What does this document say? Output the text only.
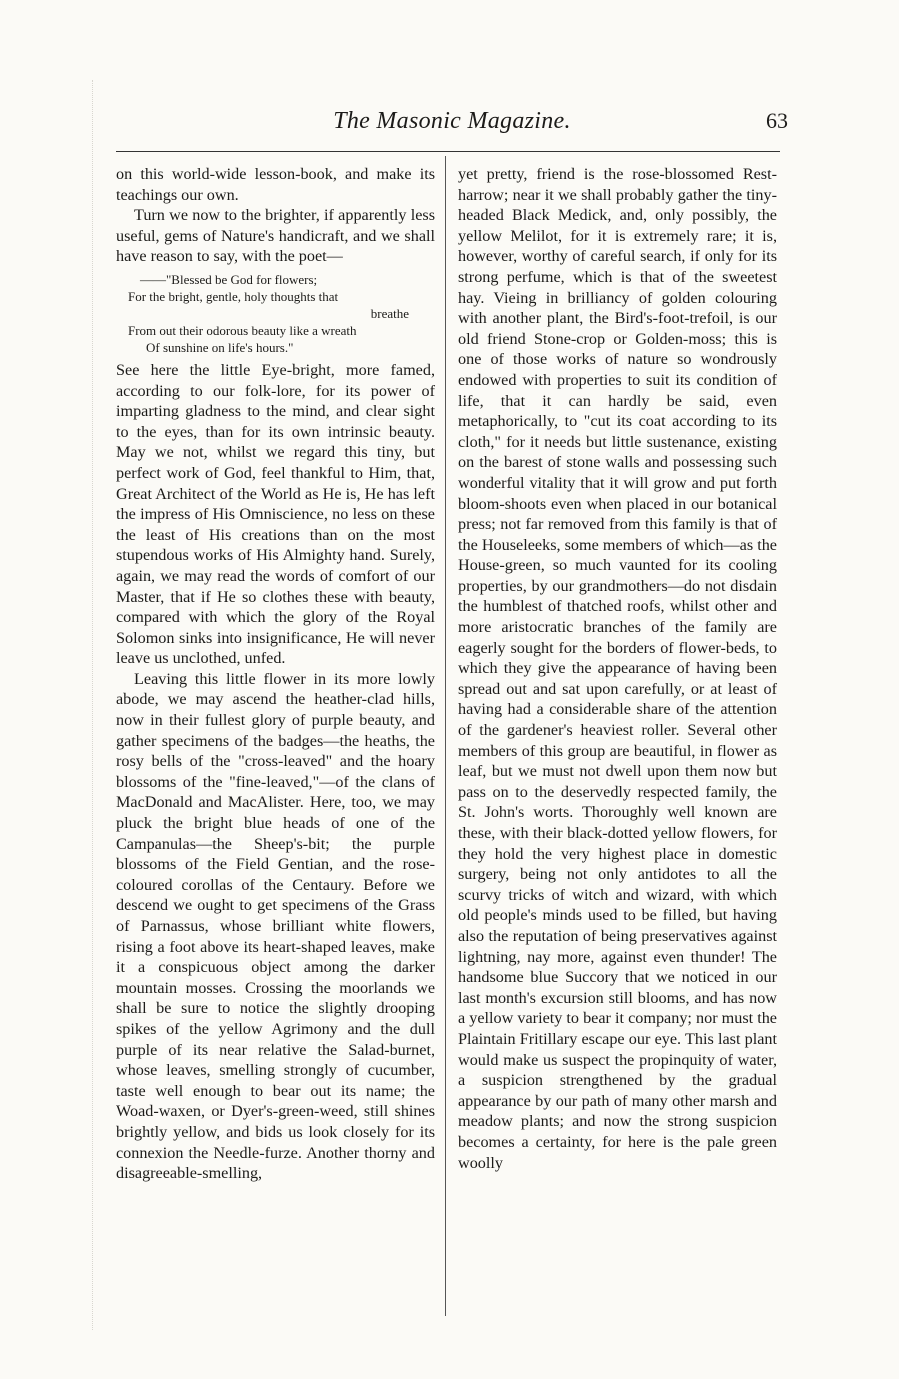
The Masonic Magazine.	63

on this world-wide lesson-book, and make its teachings our own.

Turn we now to the brighter, if apparently less useful, gems of Nature's handicraft, and we shall have reason to say, with the poet—

——"Blessed be God for flowers;
For the bright, gentle, holy thoughts that
breathe
From out their odorous beauty like a wreath
Of sunshine on life's hours."

See here the little Eye-bright, more famed, according to our folk-lore, for its power of imparting gladness to the mind, and clear sight to the eyes, than for its own intrinsic beauty. May we not, whilst we regard this tiny, but perfect work of God, feel thankful to Him, that, Great Architect of the World as He is, He has left the impress of His Omniscience, no less on these the least of His creations than on the most stupendous works of His Almighty hand. Surely, again, we may read the words of comfort of our Master, that if He so clothes these with beauty, compared with which the glory of the Royal Solomon sinks into insignificance, He will never leave us unclothed, unfed.

Leaving this little flower in its more lowly abode, we may ascend the heather-clad hills, now in their fullest glory of purple beauty, and gather specimens of the badges—the heaths, the rosy bells of the "cross-leaved" and the hoary blossoms of the "fine-leaved,"—of the clans of MacDonald and MacAlister. Here, too, we may pluck the bright blue heads of one of the Campanulas—the Sheep's-bit; the purple blossoms of the Field Gentian, and the rose-coloured corollas of the Centaury. Before we descend we ought to get specimens of the Grass of Parnassus, whose brilliant white flowers, rising a foot above its heart-shaped leaves, make it a conspicuous object among the darker mountain mosses. Crossing the moorlands we shall be sure to notice the slightly drooping spikes of the yellow Agrimony and the dull purple of its near relative the Salad-burnet, whose leaves, smelling strongly of cucumber, taste well enough to bear out its name; the Woad-waxen, or Dyer's-green-weed, still shines brightly yellow, and bids us look closely for its connexion the Needle-furze. Another thorny and disagreeable-smelling,

yet pretty, friend is the rose-blossomed Rest-harrow; near it we shall probably gather the tiny-headed Black Medick, and, only possibly, the yellow Melilot, for it is extremely rare; it is, however, worthy of careful search, if only for its strong perfume, which is that of the sweetest hay. Vieing in brilliancy of golden colouring with another plant, the Bird's-foot-trefoil, is our old friend Stone-crop or Golden-moss; this is one of those works of nature so wondrously endowed with properties to suit its condition of life, that it can hardly be said, even metaphorically, to "cut its coat according to its cloth," for it needs but little sustenance, existing on the barest of stone walls and possessing such wonderful vitality that it will grow and put forth bloom-shoots even when placed in our botanical press; not far removed from this family is that of the Houseleeks, some members of which—as the House-green, so much vaunted for its cooling properties, by our grandmothers—do not disdain the humblest of thatched roofs, whilst other and more aristocratic branches of the family are eagerly sought for the borders of flower-beds, to which they give the appearance of having been spread out and sat upon carefully, or at least of having had a considerable share of the attention of the gardener's heaviest roller. Several other members of this group are beautiful, in flower as leaf, but we must not dwell upon them now but pass on to the deservedly respected family, the St. John's worts. Thoroughly well known are these, with their black-dotted yellow flowers, for they hold the very highest place in domestic surgery, being not only antidotes to all the scurvy tricks of witch and wizard, with which old people's minds used to be filled, but having also the reputation of being preservatives against lightning, nay more, against even thunder! The handsome blue Succory that we noticed in our last month's excursion still blooms, and has now a yellow variety to bear it company; nor must the Plaintain Fritillary escape our eye. This last plant would make us suspect the propinquity of water, a suspicion strengthened by the gradual appearance by our path of many other marsh and meadow plants; and now the strong suspicion becomes a certainty, for here is the pale green woolly
